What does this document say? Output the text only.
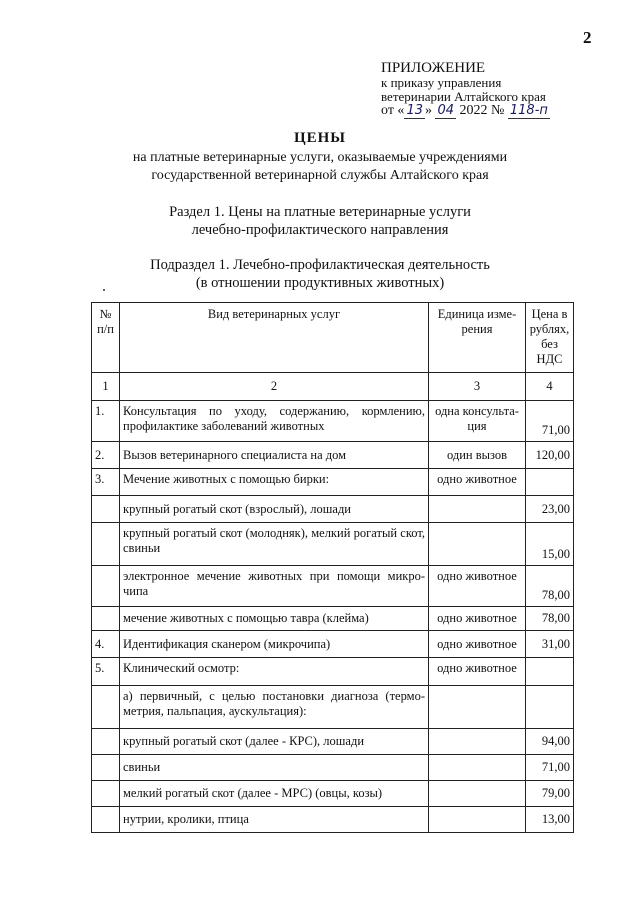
2
ПРИЛОЖЕНИЕ
к приказу управления
ветеринарии Алтайского края
от « 13 » 04 2022 № 118-п
ЦЕНЫ
на платные ветеринарные услуги, оказываемые учреждениями
государственной ветеринарной службы Алтайского края
Раздел 1. Цены на платные ветеринарные услуги
лечебно-профилактического направления
Подраздел 1. Лечебно-профилактическая деятельность
(в отношении продуктивных животных)
№ п/п	Вид ветеринарных услуг	Единица изме-рения	Цена в рублях, без НДС
1	2	3	4
1.	Консультация по уходу, содержанию, кормлению, профилактике заболеваний животных	одна консульта-ция	71,00
2.	Вызов ветеринарного специалиста на дом	один вызов	120,00
3.	Мечение животных с помощью бирки:	одно животное	
	крупный рогатый скот (взрослый), лошади		23,00
	крупный рогатый скот (молодняк), мелкий рогатый скот, свиньи		15,00
	электронное мечение животных при помощи микро-чипа	одно животное	78,00
	мечение животных с помощью тавра (клейма)	одно животное	78,00
4.	Идентификация сканером (микрочипа)	одно животное	31,00
5.	Клинический осмотр:	одно животное	
	а) первичный, с целью постановки диагноза (термо-метрия, пальпация, аускультация):		
	крупный рогатый скот (далее - КРС), лошади		94,00
	свиньи		71,00
	мелкий рогатый скот (далее - МРС) (овцы, козы)		79,00
	нутрии, кролики, птица		13,00
